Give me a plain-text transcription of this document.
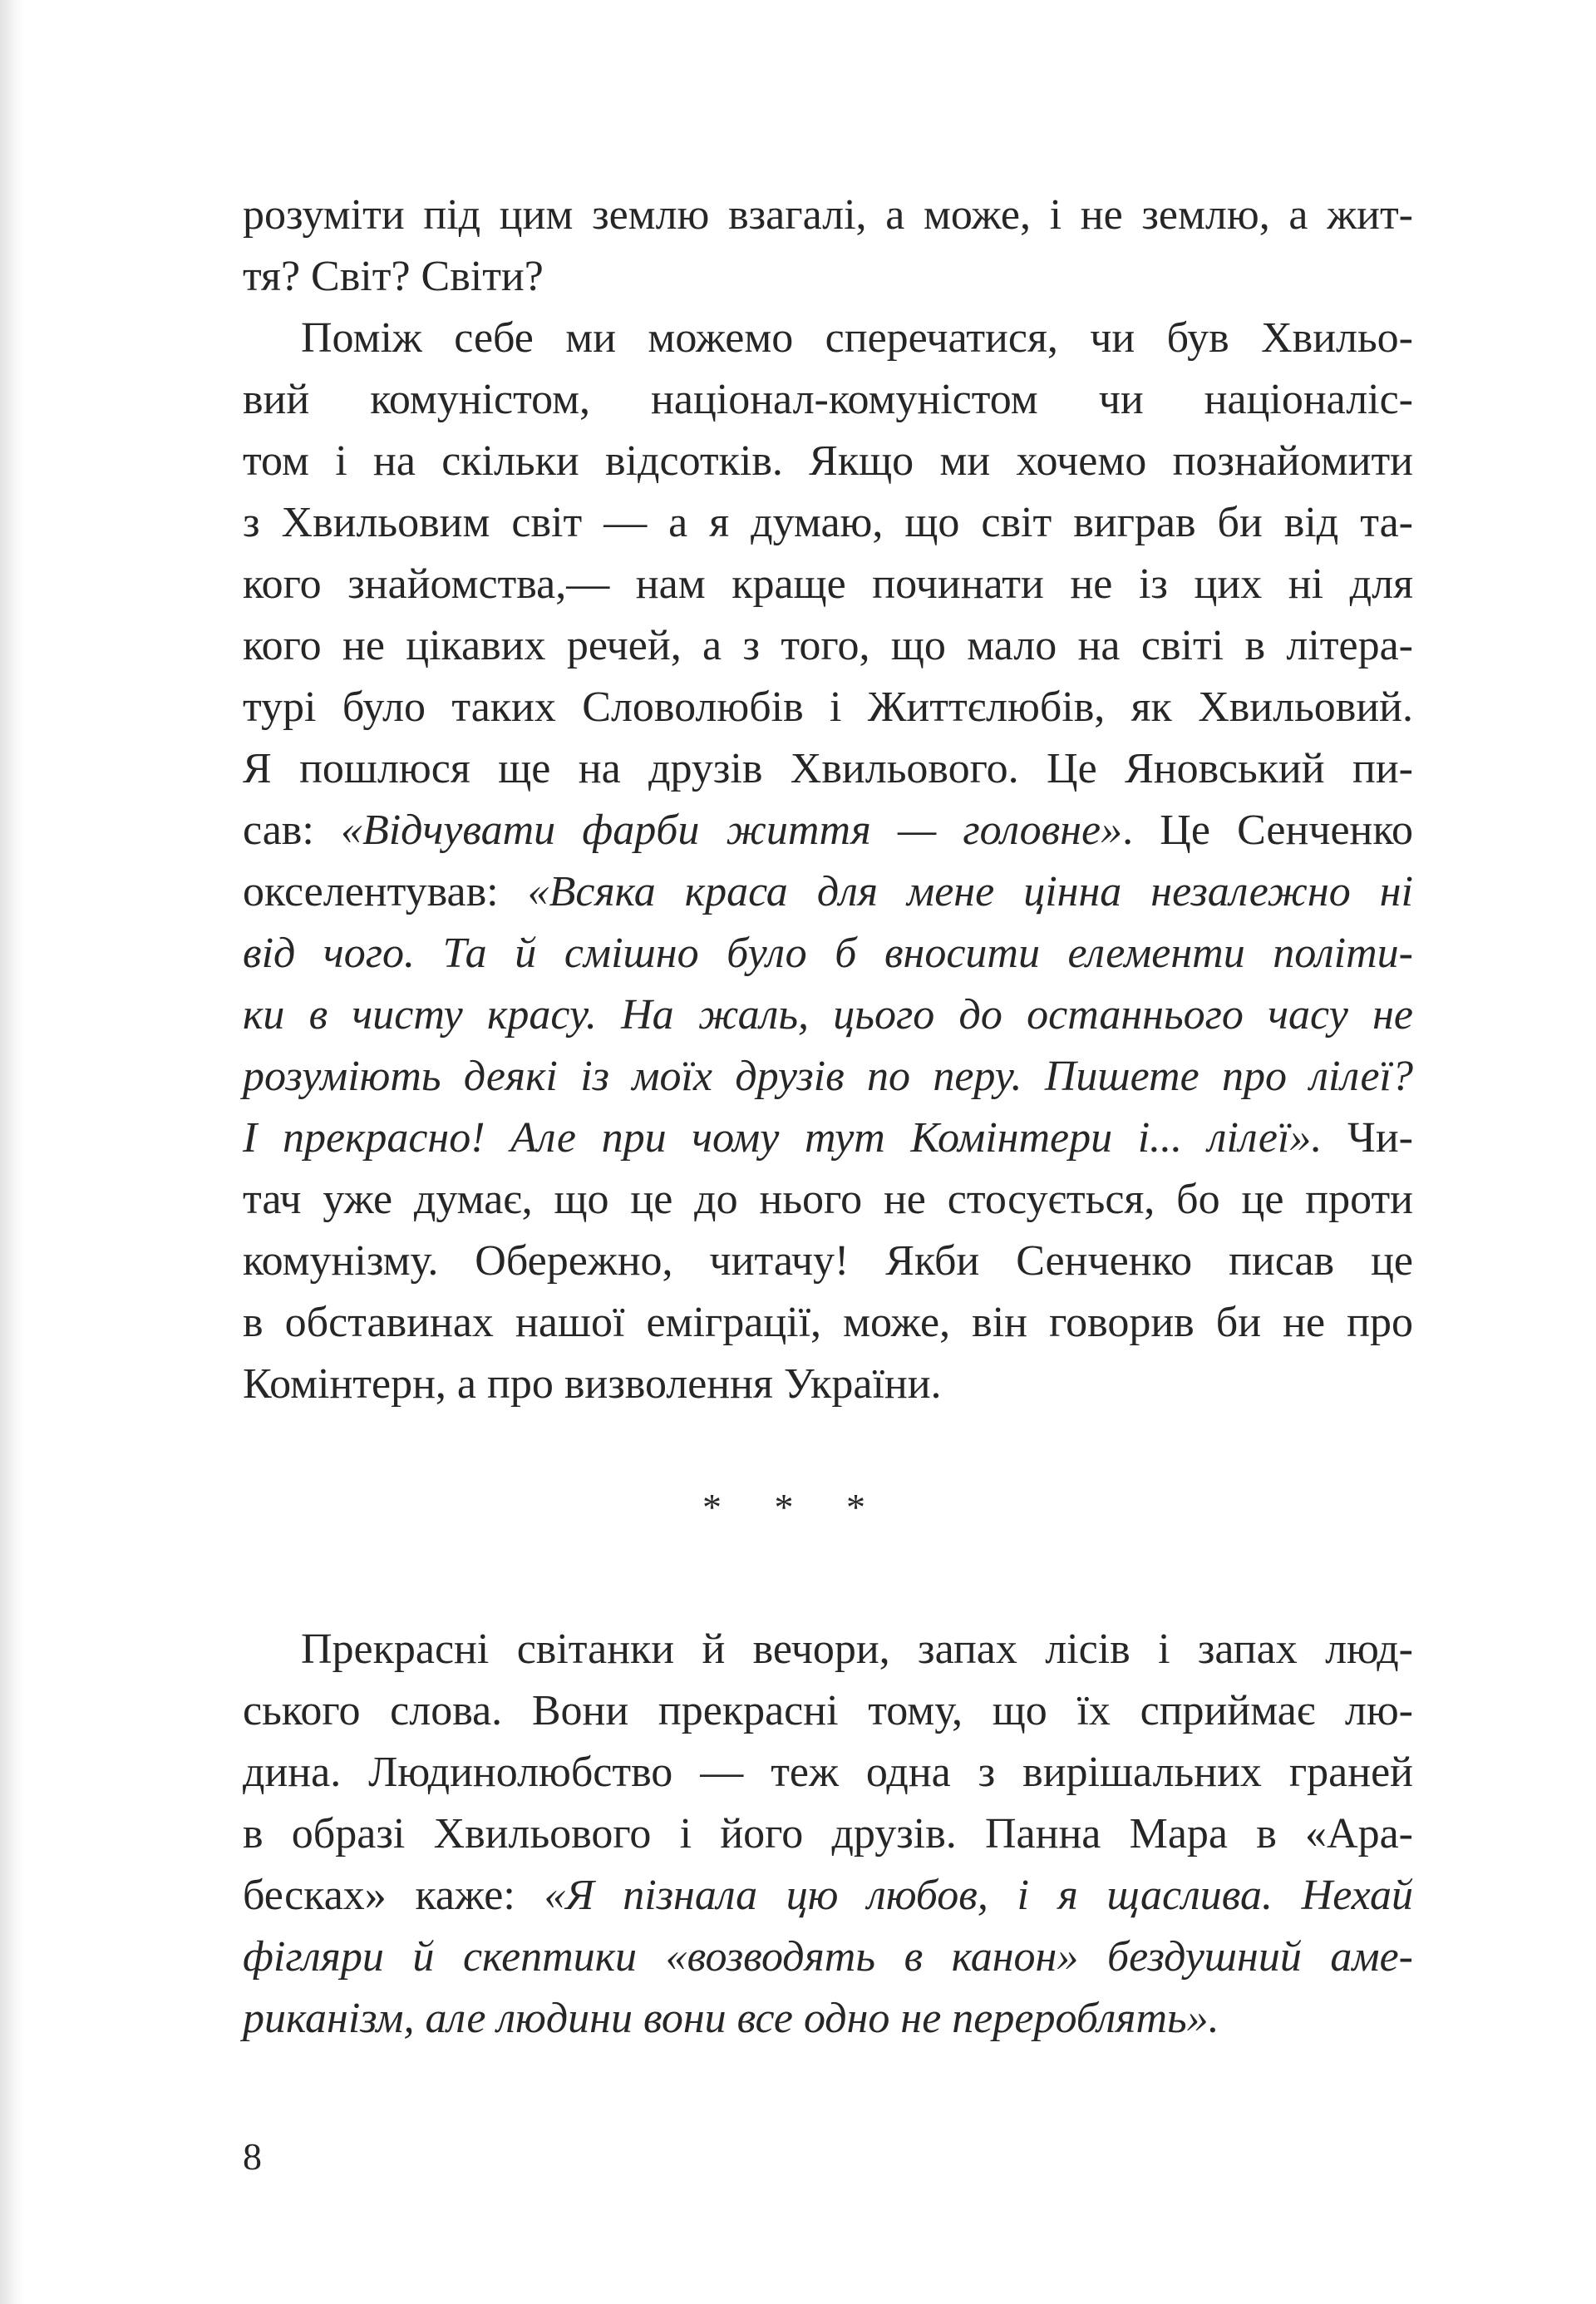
розуміти під цим землю взагалі, а може, і не землю, а жит-
тя? Світ? Світи?
Поміж себе ми можемо сперечатися, чи був Хвильо-
вий комуністом, націонал-комуністом чи націоналіс-
том і на скільки відсотків. Якщо ми хочемо познайомити
з Хвильовим світ — а я думаю, що світ виграв би від та-
кого знайомства,— нам краще починати не із цих ні для
кого не цікавих речей, а з того, що мало на світі в літера-
турі було таких Словолюбів і Життєлюбів, як Хвильовий.
Я пошлюся ще на друзів Хвильового. Це Яновський пи-
сав: «Відчувати фарби життя — головне». Це Сенченко
окселентував: «Всяка краса для мене цінна незалежно ні
від чого. Та й смішно було б вносити елементи політи-
ки в чисту красу. На жаль, цього до останнього часу не
розуміють деякі із моїх друзів по перу. Пишете про лілеї?
І прекрасно! Але при чому тут Комінтери і... лілеї». Чи-
тач уже думає, що це до нього не стосується, бо це проти
комунізму. Обережно, читачу! Якби Сенченко писав це
в обставинах нашої еміграції, може, він говорив би не про
Комінтерн, а про визволення України.
* * *
Прекрасні світанки й вечори, запах лісів і запах люд-
ського слова. Вони прекрасні тому, що їх сприймає лю-
дина. Людинолюбство — теж одна з вирішальних граней
в образі Хвильового і його друзів. Панна Мара в «Ара-
бесках» каже: «Я пізнала цю любов, і я щаслива. Нехай
фігляри й скептики «возводять в канон» бездушний аме-
риканізм, але людини вони все одно не перероблять».
8
